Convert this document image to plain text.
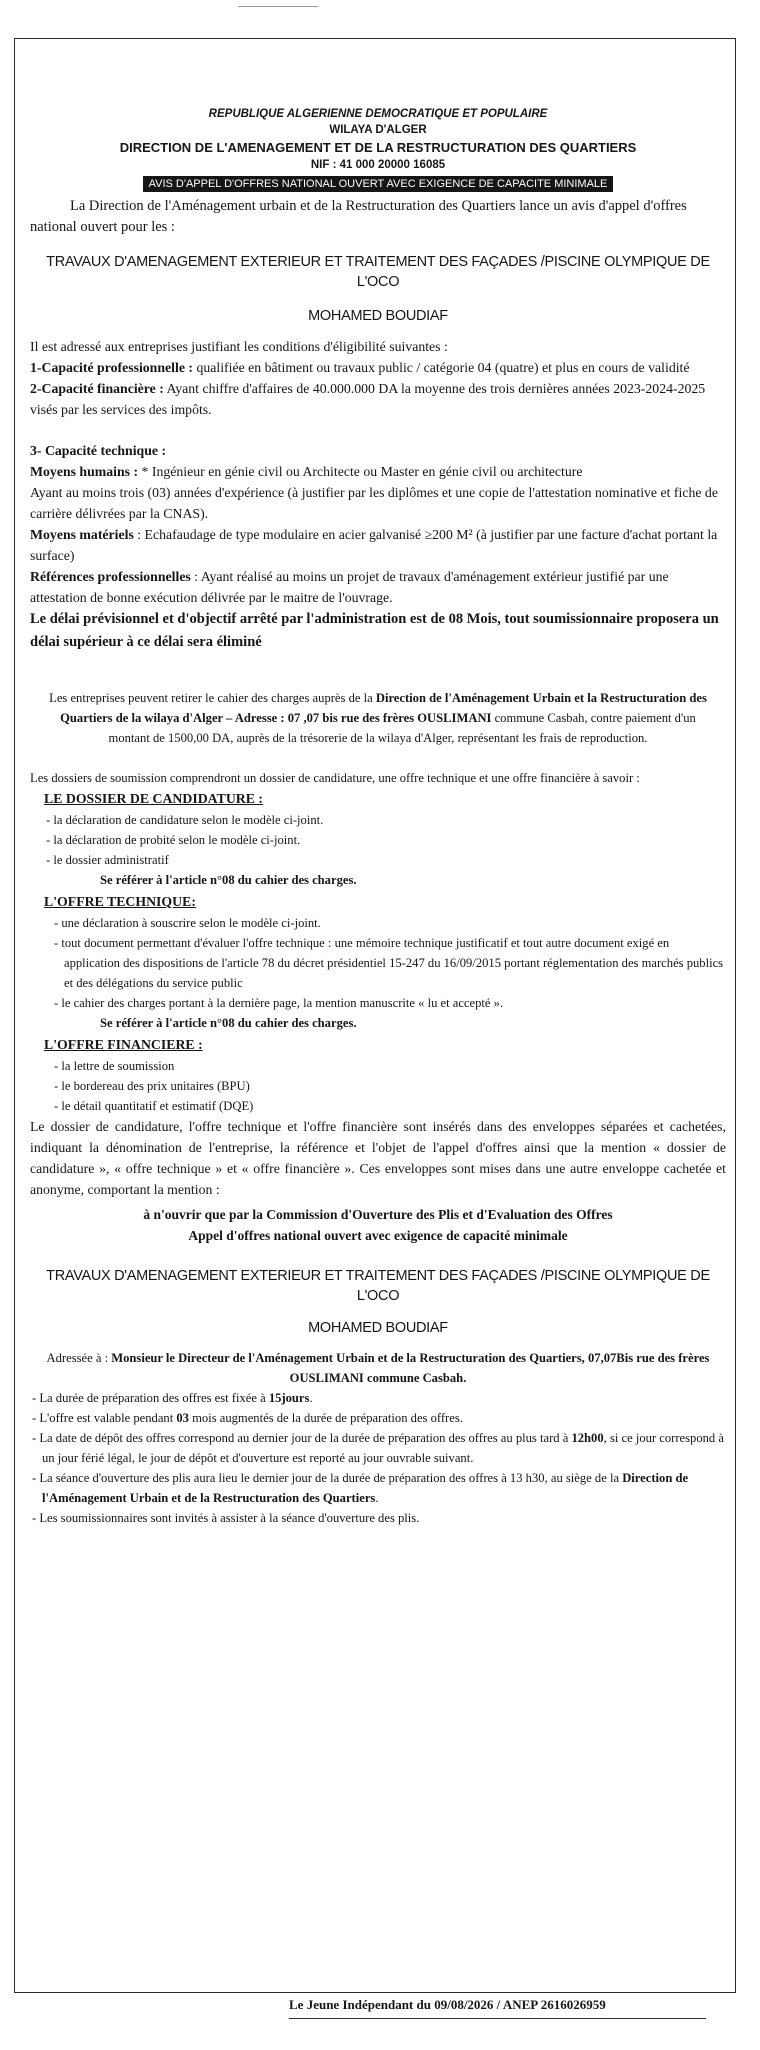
REPUBLIQUE ALGERIENNE DEMOCRATIQUE ET POPULAIRE
WILAYA D'ALGER
DIRECTION DE L'AMENAGEMENT ET DE LA RESTRUCTURATION DES QUARTIERS
NIF : 41 000 20000 16085
AVIS D'APPEL D'OFFRES NATIONAL OUVERT AVEC EXIGENCE DE CAPACITE MINIMALE

La Direction de l'Aménagement urbain et de la Restructuration des Quartiers lance un avis d'appel d'offres national ouvert pour les :

TRAVAUX D'AMENAGEMENT EXTERIEUR ET TRAITEMENT DES FAÇADES /PISCINE OLYMPIQUE DE L'OCO
MOHAMED BOUDIAF

Il est adressé aux entreprises justifiant les conditions d'éligibilité suivantes :

1-Capacité professionnelle : qualifiée en bâtiment ou travaux public / catégorie 04 (quatre) et plus en cours de validité

2-Capacité financière : Ayant chiffre d'affaires de 40.000.000 DA la moyenne des trois dernières années 2023-2024-2025 visés par les services des impôts.

3- Capacité technique :

Moyens humains : * Ingénieur en génie civil ou Architecte ou Master en génie civil ou architecture

Ayant au moins trois (03) années d'expérience (à justifier par les diplômes et une copie de l'attestation nominative et fiche de carrière délivrées par la CNAS).

Moyens matériels : Echafaudage de type modulaire en acier galvanisé ≥200 M² (à justifier par une facture d'achat portant la surface)

Références professionnelles : Ayant réalisé au moins un projet de travaux d'aménagement extérieur justifié par une attestation de bonne exécution délivrée par le maitre de l'ouvrage.

Le délai prévisionnel et d'objectif arrêté par l'administration est de 08 Mois, tout soumissionnaire proposera un délai supérieur à ce délai sera éliminé

Les entreprises peuvent retirer le cahier des charges auprès de la Direction de l'Aménagement Urbain et la Restructuration des Quartiers de la wilaya d'Alger – Adresse : 07 ,07 bis rue des frères OUSLIMANI commune Casbah, contre paiement d'un montant de 1500,00 DA, auprès de la trésorerie de la wilaya d'Alger, représentant les frais de reproduction.

Les dossiers de soumission comprendront un dossier de candidature, une offre technique et une offre financière à savoir :

LE DOSSIER DE CANDIDATURE :
- la déclaration de candidature selon le modèle ci-joint.
- la déclaration de probité selon le modèle ci-joint.
- le dossier administratif
Se référer à l'article n°08 du cahier des charges.
L'OFFRE TECHNIQUE:
- une déclaration à souscrire selon le modèle ci-joint.
- tout document permettant d'évaluer l'offre technique : une mémoire technique justificatif et tout autre document exigé en application des dispositions de l'article 78 du décret présidentiel 15-247 du 16/09/2015 portant réglementation des marchés publics et des délégations du service public
- le cahier des charges portant à la dernière page, la mention manuscrite « lu et accepté ».
Se référer à l'article n°08 du cahier des charges.
L'OFFRE FINANCIERE :
- la lettre de soumission
- le bordereau des prix unitaires (BPU)
- le détail quantitatif et estimatif (DQE)

Le dossier de candidature, l'offre technique et l'offre financière sont insérés dans des enveloppes séparées et cachetées, indiquant la dénomination de l'entreprise, la référence et l'objet de l'appel d'offres ainsi que la mention « dossier de candidature », « offre technique » et « offre financière ». Ces enveloppes sont mises dans une autre enveloppe cachetée et anonyme, comportant la mention :

à n'ouvrir que par la Commission d'Ouverture des Plis et d'Evaluation des Offres
Appel d'offres national ouvert avec exigence de capacité minimale
TRAVAUX D'AMENAGEMENT EXTERIEUR ET TRAITEMENT DES FAÇADES /PISCINE OLYMPIQUE DE L'OCO
MOHAMED BOUDIAF

Adressée à : Monsieur le Directeur de l'Aménagement Urbain et de la Restructuration des Quartiers, 07,07Bis rue des frères OUSLIMANI commune Casbah.

- La durée de préparation des offres est fixée à 15jours.
- L'offre est valable pendant 03 mois augmentés de la durée de préparation des offres.
- La date de dépôt des offres correspond au dernier jour de la durée de préparation des offres au plus tard à 12h00, si ce jour correspond à un jour férié légal, le jour de dépôt et d'ouverture est reporté au jour ouvrable suivant.
- La séance d'ouverture des plis aura lieu le dernier jour de la durée de préparation des offres à 13 h30, au siège de la Direction de l'Aménagement Urbain et de la Restructuration des Quartiers.
- Les soumissionnaires sont invités à assister à la séance d'ouverture des plis.
Le Jeune Indépendant du 09/08/2026 / ANEP 2616026959
